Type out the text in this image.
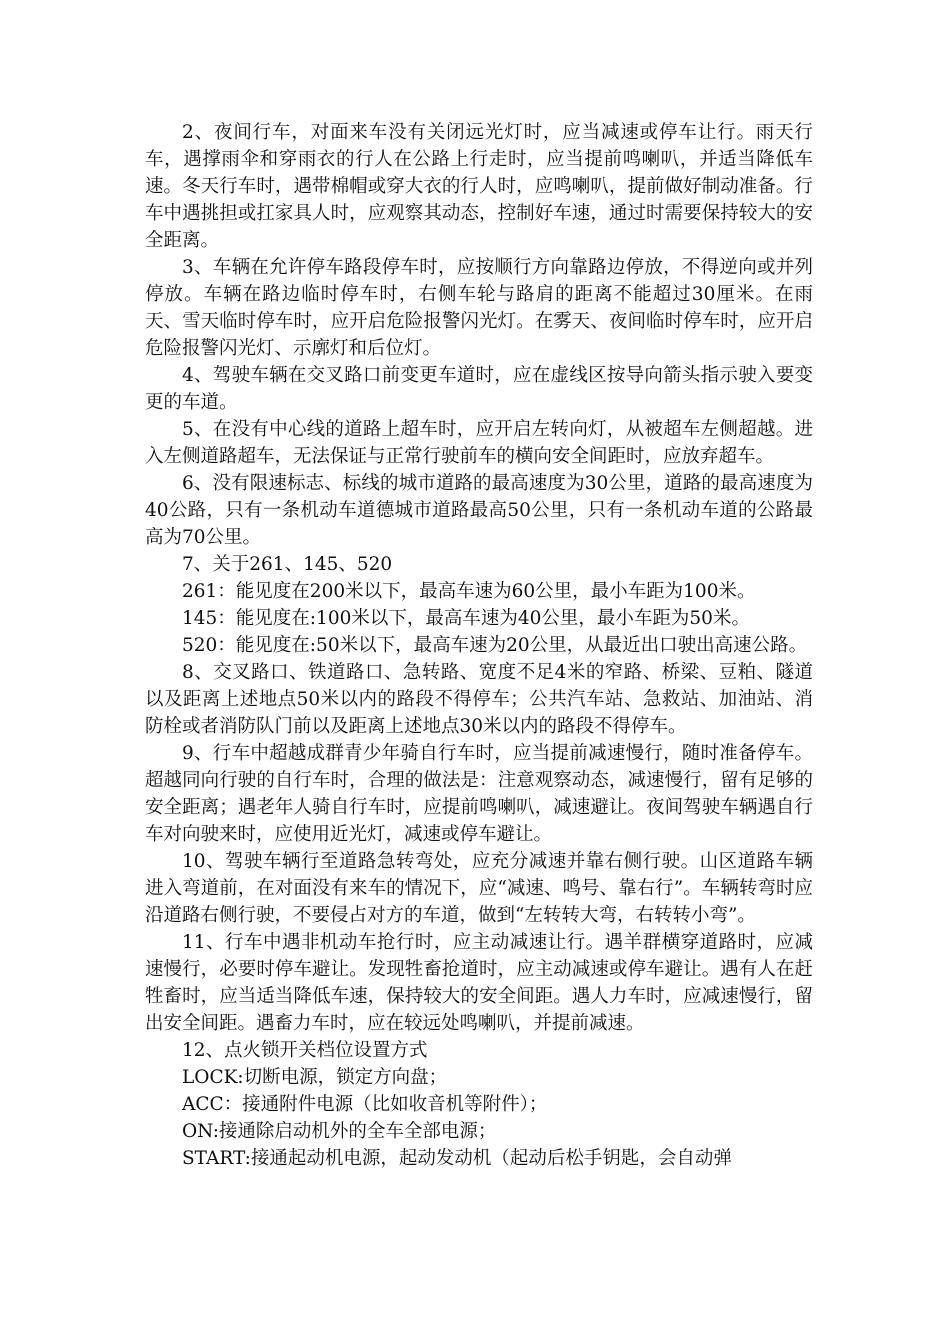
2、夜间行车，对面来车没有关闭远光灯时，应当减速或停车让行。雨天行车，遇撑雨伞和穿雨衣的行人在公路上行走时，应当提前鸣喇叭，并适当降低车速。冬天行车时，遇带棉帽或穿大衣的行人时，应鸣喇叭，提前做好制动准备。行车中遇挑担或扛家具人时，应观察其动态，控制好车速，通过时需要保持较大的安全距离。

3、车辆在允许停车路段停车时，应按顺行方向靠路边停放，不得逆向或并列停放。车辆在路边临时停车时，右侧车轮与路肩的距离不能超过30厘米。在雨天、雪天临时停车时，应开启危险报警闪光灯。在雾天、夜间临时停车时，应开启危险报警闪光灯、示廓灯和后位灯。

4、驾驶车辆在交叉路口前变更车道时，应在虚线区按导向箭头指示驶入要变更的车道。

5、在没有中心线的道路上超车时，应开启左转向灯，从被超车左侧超越。进入左侧道路超车，无法保证与正常行驶前车的横向安全间距时，应放弃超车。

6、没有限速标志、标线的城市道路的最高速度为30公里，道路的最高速度为40公路，只有一条机动车道德城市道路最高50公里，只有一条机动车道的公路最高为70公里。

7、关于261、145、520

261：能见度在200米以下，最高车速为60公里，最小车距为100米。

145：能见度在:100米以下，最高车速为40公里，最小车距为50米。

520：能见度在:50米以下，最高车速为20公里，从最近出口驶出高速公路。

8、交叉路口、铁道路口、急转路、宽度不足4米的窄路、桥梁、豆粕、隧道以及距离上述地点50米以内的路段不得停车；公共汽车站、急救站、加油站、消防栓或者消防队门前以及距离上述地点30米以内的路段不得停车。

9、行车中超越成群青少年骑自行车时，应当提前减速慢行，随时准备停车。超越同向行驶的自行车时，合理的做法是：注意观察动态，减速慢行，留有足够的安全距离；遇老年人骑自行车时，应提前鸣喇叭，减速避让。夜间驾驶车辆遇自行车对向驶来时，应使用近光灯，减速或停车避让。

10、驾驶车辆行至道路急转弯处，应充分减速并靠右侧行驶。山区道路车辆进入弯道前，在对面没有来车的情况下，应“减速、鸣号、靠右行”。车辆转弯时应沿道路右侧行驶，不要侵占对方的车道，做到“左转转大弯，右转转小弯”。

11、行车中遇非机动车抢行时，应主动减速让行。遇羊群横穿道路时，应减速慢行，必要时停车避让。发现牲畜抢道时，应主动减速或停车避让。遇有人在赶牲畜时，应当适当降低车速，保持较大的安全间距。遇人力车时，应减速慢行，留出安全间距。遇畜力车时，应在较远处鸣喇叭，并提前减速。

12、点火锁开关档位设置方式

LOCK:切断电源，锁定方向盘；

ACC：接通附件电源（比如收音机等附件）；

ON:接通除启动机外的全车全部电源；

START:接通起动机电源，起动发动机（起动后松手钥匙，会自动弹
